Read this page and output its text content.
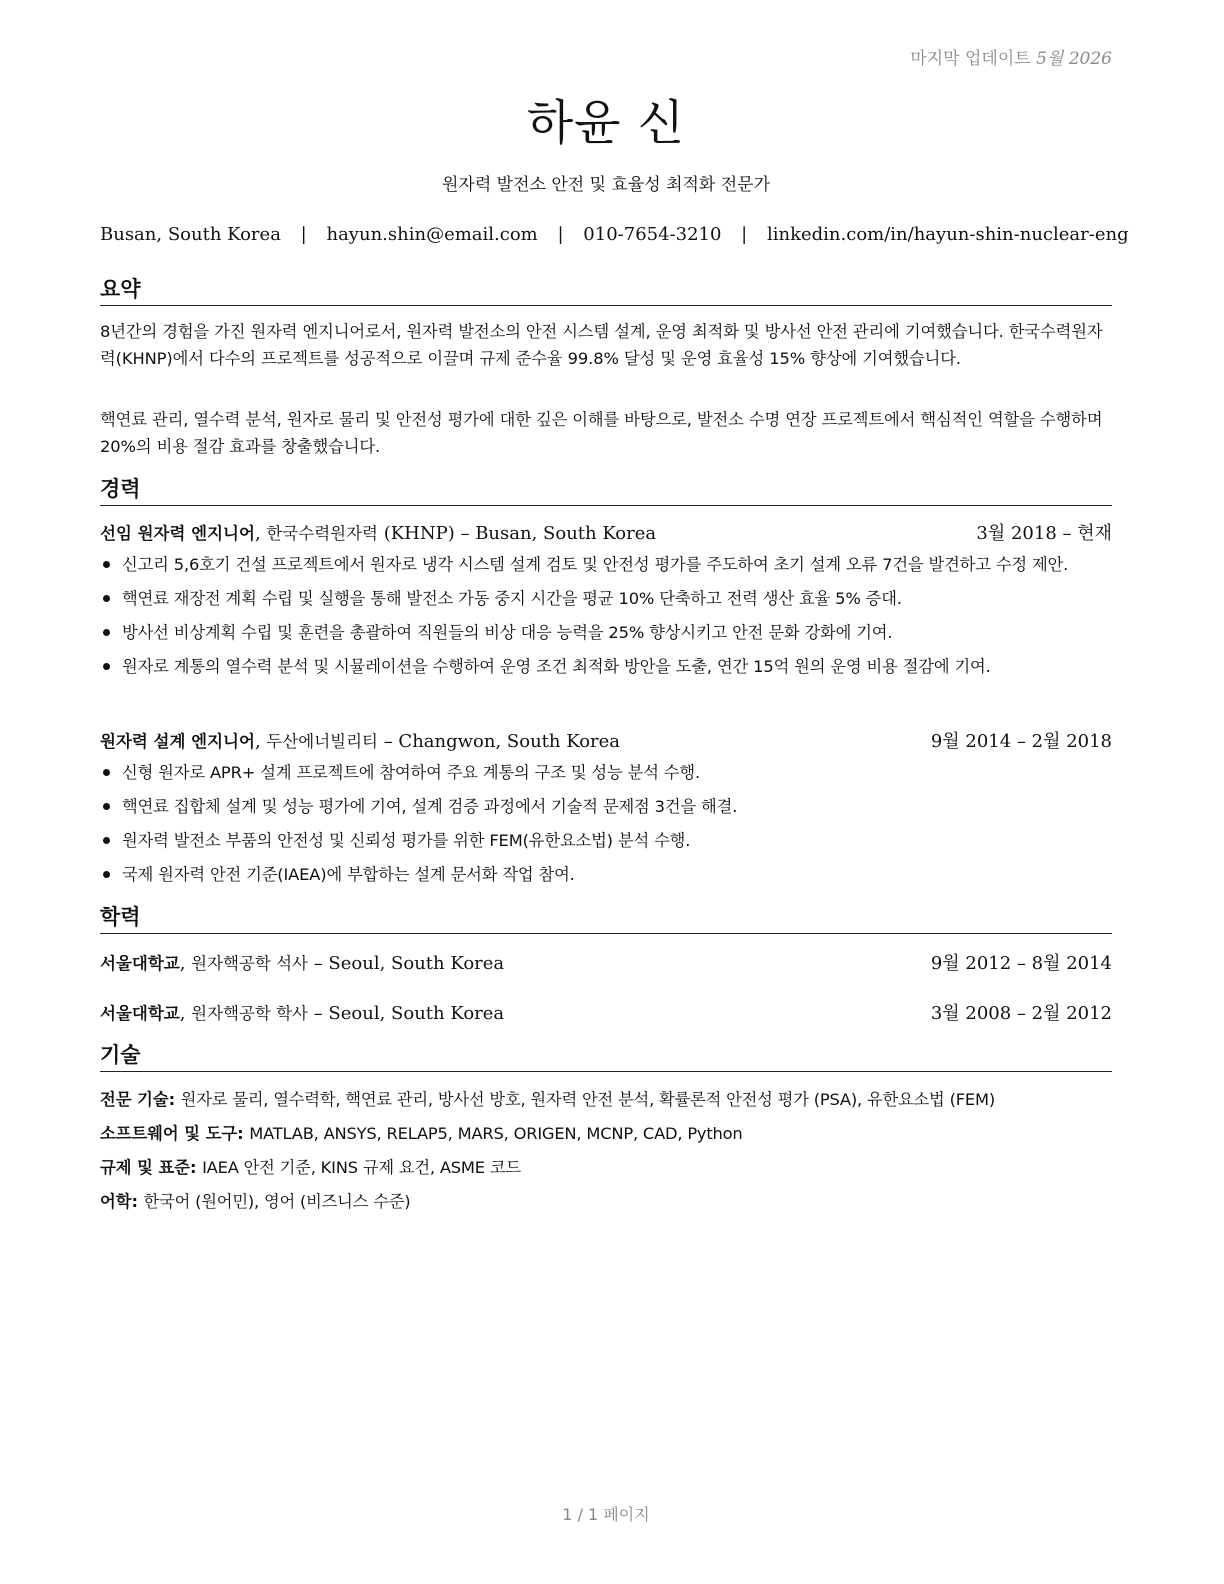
마지막 업데이트 5월 2026
하윤 신
원자력 발전소 안전 및 효율성 최적화 전문가
Busan, South Korea | hayun.shin@email.com | 010-7654-3210 | linkedin.com/in/hayun-shin-nuclear-eng
요약
8년간의 경험을 가진 원자력 엔지니어로서, 원자력 발전소의 안전 시스템 설계, 운영 최적화 및 방사선 안전 관리에 기여했습니다. 한국수력원자력(KHNP)에서 다수의 프로젝트를 성공적으로 이끌며 규제 준수율 99.8% 달성 및 운영 효율성 15% 향상에 기여했습니다.
핵연료 관리, 열수력 분석, 원자로 물리 및 안전성 평가에 대한 깊은 이해를 바탕으로, 발전소 수명 연장 프로젝트에서 핵심적인 역할을 수행하며 20%의 비용 절감 효과를 창출했습니다.
경력
선임 원자력 엔지니어, 한국수력원자력 (KHNP) – Busan, South Korea	3월 2018 – 현재
신고리 5,6호기 건설 프로젝트에서 원자로 냉각 시스템 설계 검토 및 안전성 평가를 주도하여 초기 설계 오류 7건을 발견하고 수정 제안.
핵연료 재장전 계획 수립 및 실행을 통해 발전소 가동 중지 시간을 평균 10% 단축하고 전력 생산 효율 5% 증대.
방사선 비상계획 수립 및 훈련을 총괄하여 직원들의 비상 대응 능력을 25% 향상시키고 안전 문화 강화에 기여.
원자로 계통의 열수력 분석 및 시뮬레이션을 수행하여 운영 조건 최적화 방안을 도출, 연간 15억 원의 운영 비용 절감에 기여.
원자력 설계 엔지니어, 두산에너빌리티 – Changwon, South Korea	9월 2014 – 2월 2018
신형 원자로 APR+ 설계 프로젝트에 참여하여 주요 계통의 구조 및 성능 분석 수행.
핵연료 집합체 설계 및 성능 평가에 기여, 설계 검증 과정에서 기술적 문제점 3건을 해결.
원자력 발전소 부품의 안전성 및 신뢰성 평가를 위한 FEM(유한요소법) 분석 수행.
국제 원자력 안전 기준(IAEA)에 부합하는 설계 문서화 작업 참여.
학력
서울대학교, 원자핵공학 석사 – Seoul, South Korea	9월 2012 – 8월 2014
서울대학교, 원자핵공학 학사 – Seoul, South Korea	3월 2008 – 2월 2012
기술
전문 기술: 원자로 물리, 열수력학, 핵연료 관리, 방사선 방호, 원자력 안전 분석, 확률론적 안전성 평가 (PSA), 유한요소법 (FEM)
소프트웨어 및 도구: MATLAB, ANSYS, RELAP5, MARS, ORIGEN, MCNP, CAD, Python
규제 및 표준: IAEA 안전 기준, KINS 규제 요건, ASME 코드
어학: 한국어 (원어민), 영어 (비즈니스 수준)
1 / 1 페이지
